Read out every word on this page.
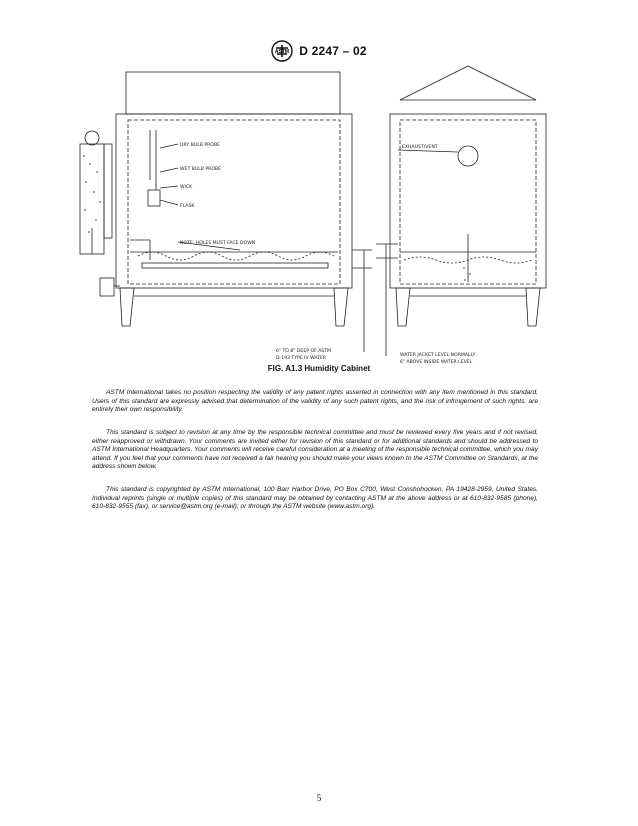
ASTM D 2247 – 02
DRY BULB PROBE
WET BULB PROBE
WICK
FLASK
NOTE: HOLES MUST FACE DOWN
EXHAUST/VENT
6" TO 8" DEEP OF ASTM
D-193 TYPE IV WATER
WATER JACKET LEVEL NORMALLY
6" ABOVE INSIDE WATER LEVEL
FIG. A1.3 Humidity Cabinet

ASTM International takes no position respecting the validity of any patent rights asserted in connection with any item mentioned in this standard. Users of this standard are expressly advised that determination of the validity of any such patent rights, and the risk of infringement of such rights, are entirely their own responsibility.

This standard is subject to revision at any time by the responsible technical committee and must be reviewed every five years and if not revised, either reapproved or withdrawn. Your comments are invited either for revision of this standard or for additional standards and should be addressed to ASTM International Headquarters. Your comments will receive careful consideration at a meeting of the responsible technical committee, which you may attend. If you feel that your comments have not received a fair hearing you should make your views known to the ASTM Committee on Standards, at the address shown below.

This standard is copyrighted by ASTM International, 100 Barr Harbor Drive, PO Box C700, West Conshohocken, PA 19428-2959, United States. Individual reprints (single or multiple copies) of this standard may be obtained by contacting ASTM at the above address or at 610-832-9585 (phone), 610-832-9555 (fax), or service@astm.org (e-mail); or through the ASTM website (www.astm.org).

5
